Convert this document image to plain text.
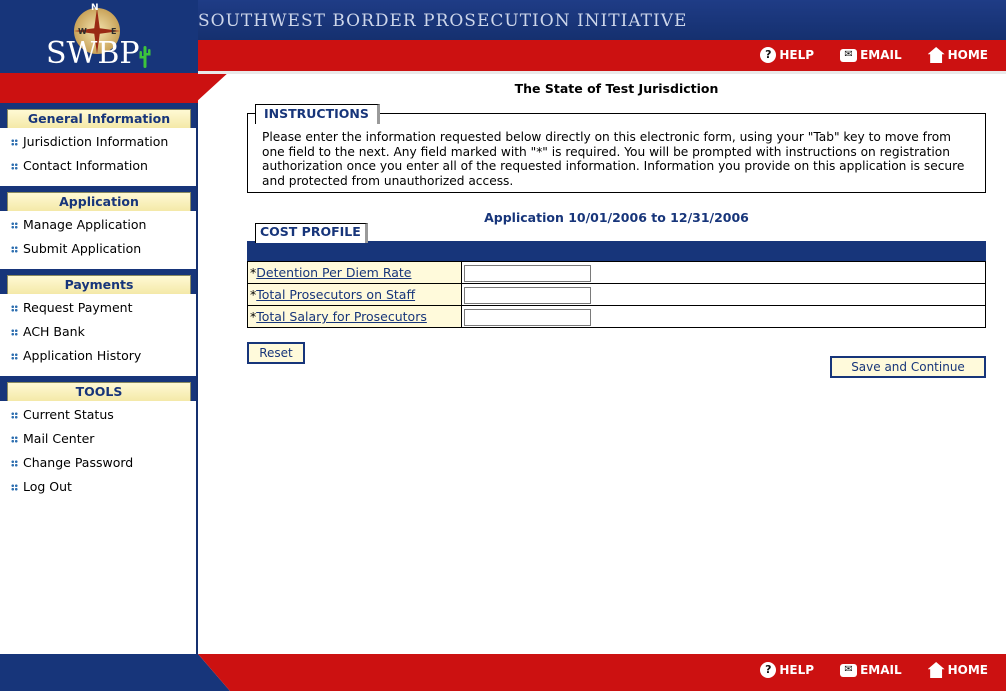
SOUTHWEST BORDER PROSECUTION INITIATIVE
N
W	E
SWBP	? HELP	✉ EMAIL	HOME
General Information
Jurisdiction Information
Contact Information
Application
Manage Application
Submit Application
Payments
Request Payment
ACH Bank
Application History
TOOLS
Current Status
Mail Center
Change Password
Log Out
The State of Test Jurisdiction
INSTRUCTIONS
Please enter the information requested below directly on this electronic form, using your "Tab" key to move from one field to the next. Any field marked with "*" is required. You will be prompted with instructions on registration authorization once you enter all of the requested information. Information you provide on this application is secure and protected from unauthorized access.
Application 10/01/2006 to 12/31/2006
COST PROFILE
*Detention Per Diem Rate	
*Total Prosecutors on Staff	
*Total Salary for Prosecutors	
Reset
Save and Continue
? HELP	✉ EMAIL	HOME
